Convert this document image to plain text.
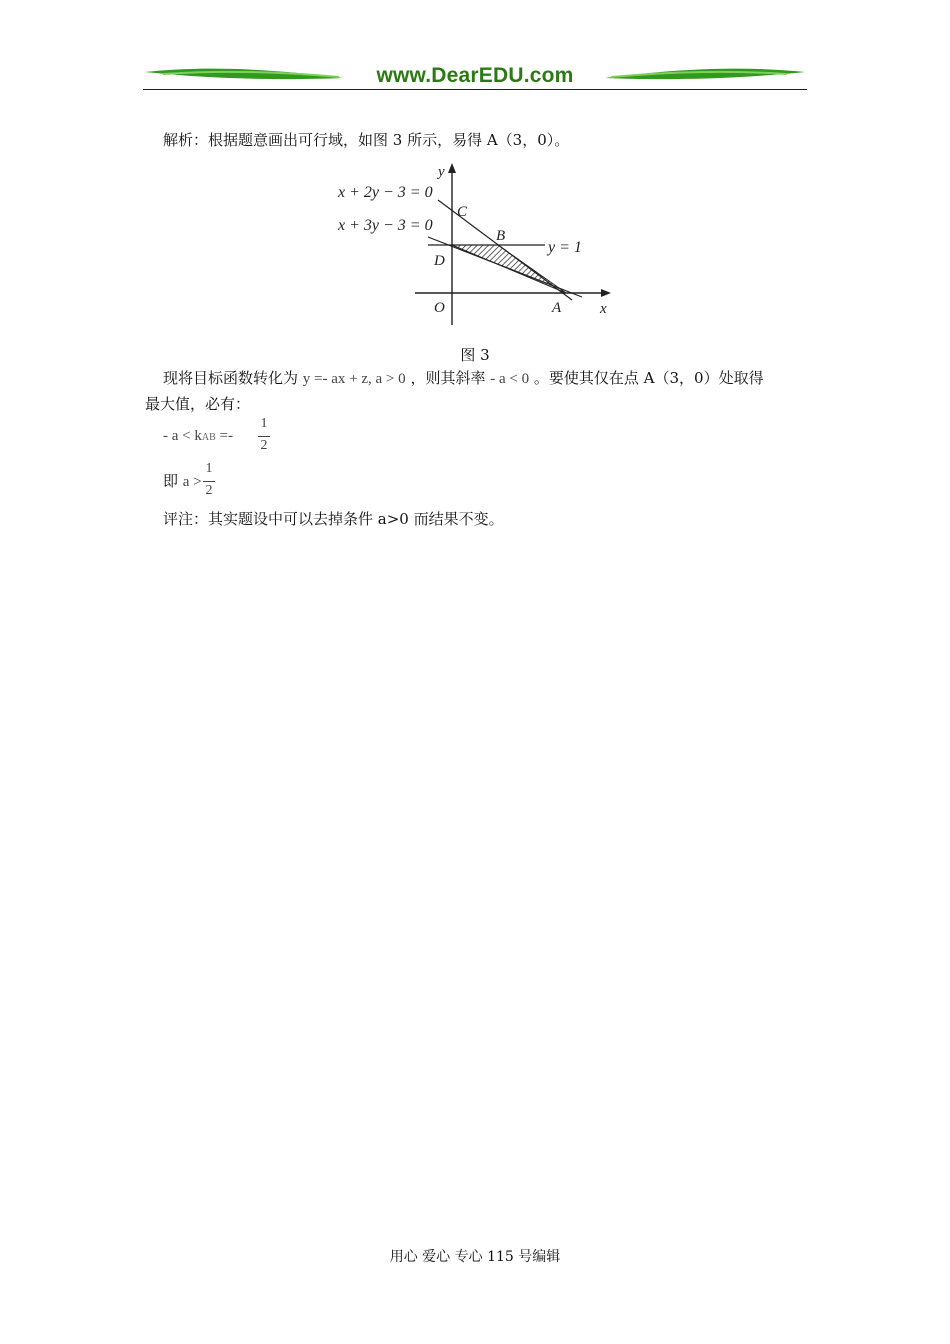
www.DearEDU.com
解析：根据题意画出可行域，如图 3 所示，易得 A（3，0）。
y
x
O
x + 2y − 3 = 0
x + 3y − 3 = 0
y = 1
C
B
D
A
图 3
现将目标函数转化为 y =- ax + z, a > 0 ，则其斜率 - a < 0 。要使其仅在点 A（3，0）处取得
最大值，必有：
- a < kAB =-
1
2
即 a >
1
2
评注：其实题设中可以去掉条件 a>0 而结果不变。
用心 爱心 专心 115 号编辑
